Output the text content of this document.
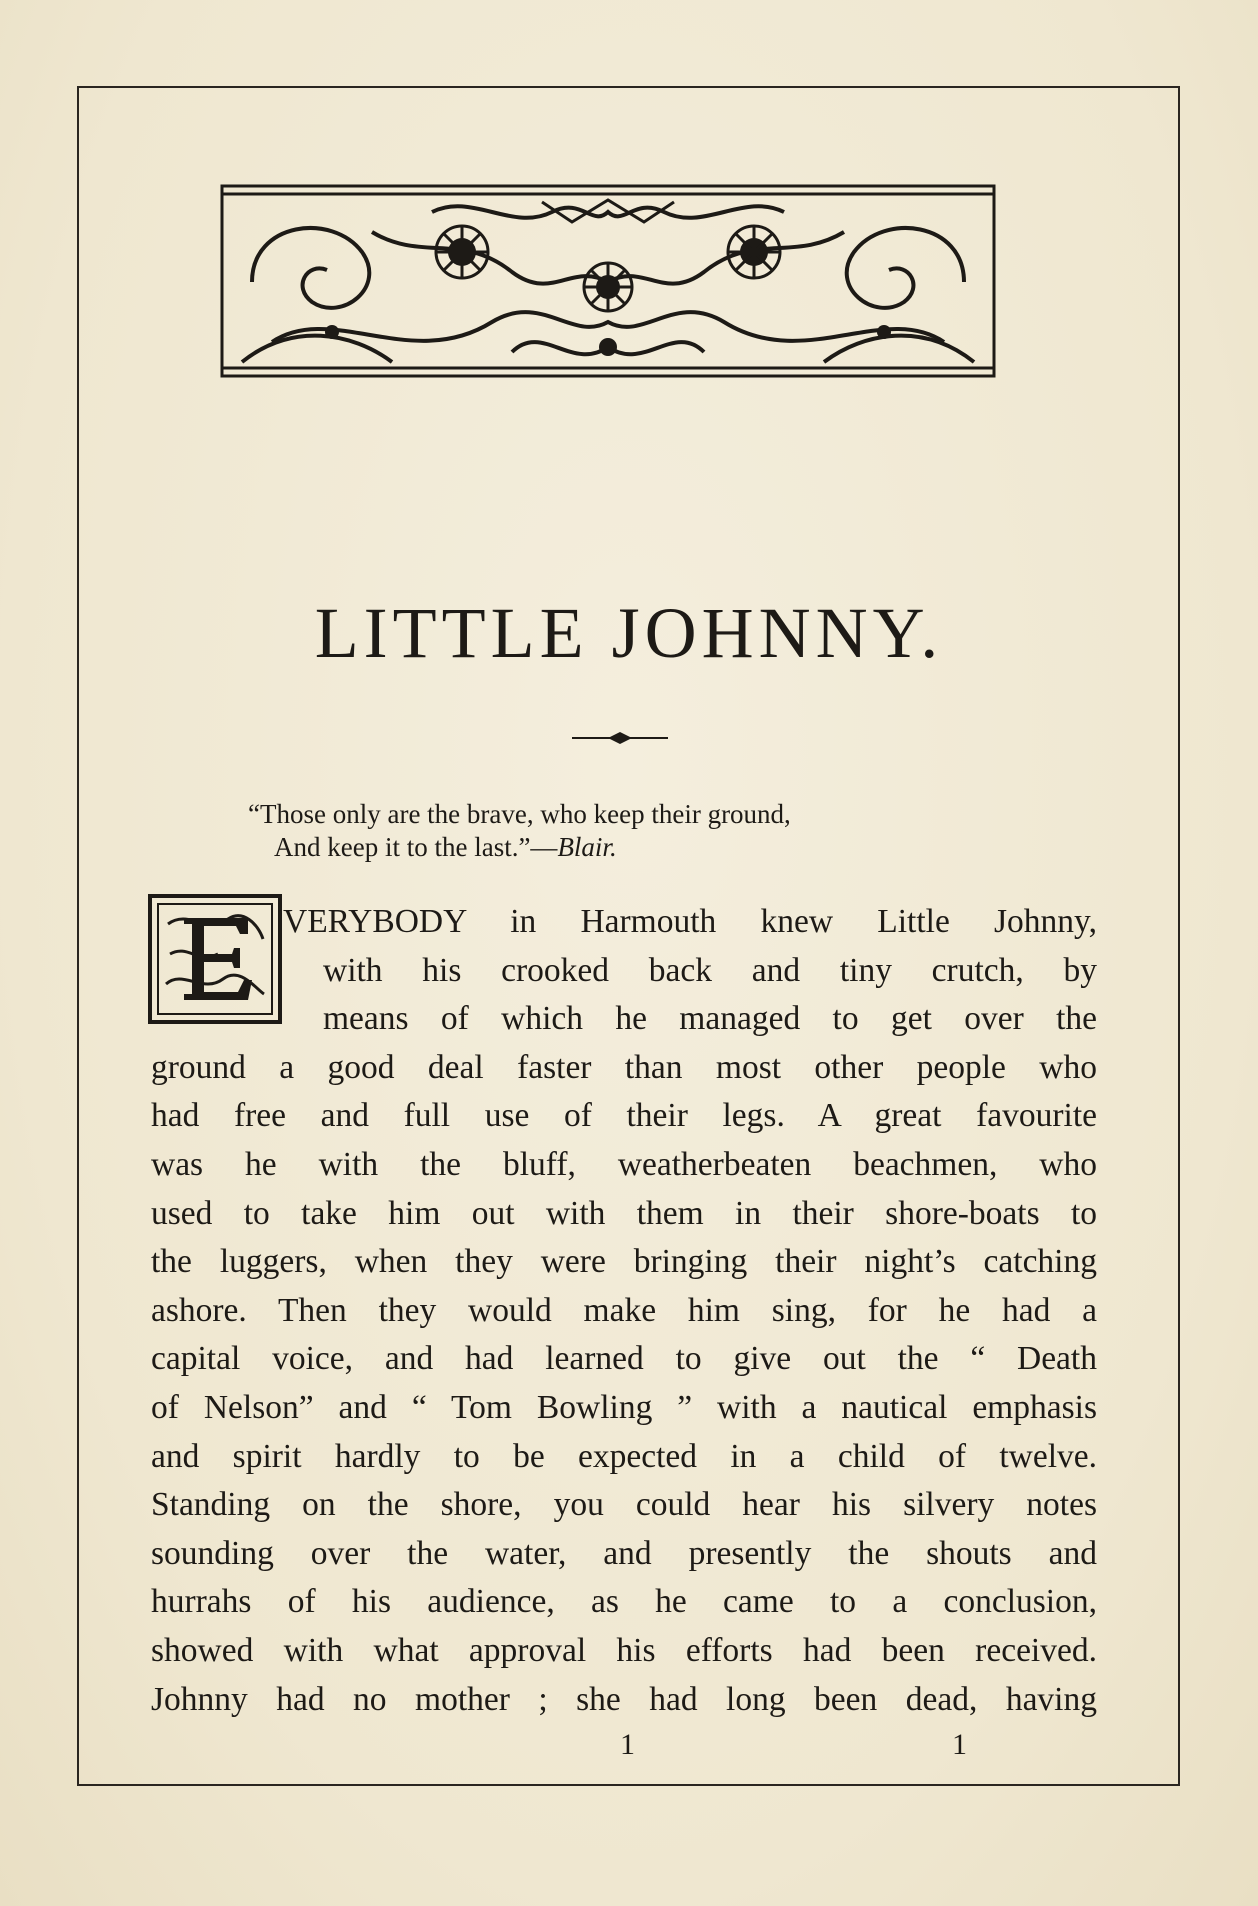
LITTLE JOHNNY.
“Those only are the brave, who keep their ground,
And keep it to the last.”—Blair.
VERYBODY in Harmouth knew Little Johnny,
with his crooked back and tiny crutch, by
means of which he managed to get over the
ground a good deal faster than most other people who
had free and full use of their legs. A great favourite
was he with the bluff, weatherbeaten beachmen, who
used to take him out with them in their shore-boats to
the luggers, when they were bringing their night’s catching
ashore. Then they would make him sing, for he had a
capital voice, and had learned to give out the “ Death
of Nelson” and “ Tom Bowling ” with a nautical emphasis
and spirit hardly to be expected in a child of twelve.
Standing on the shore, you could hear his silvery notes
sounding over the water, and presently the shouts and
hurrahs of his audience, as he came to a conclusion,
showed with what approval his efforts had been received.
Johnny had no mother ; she had long been dead, having
1	1
